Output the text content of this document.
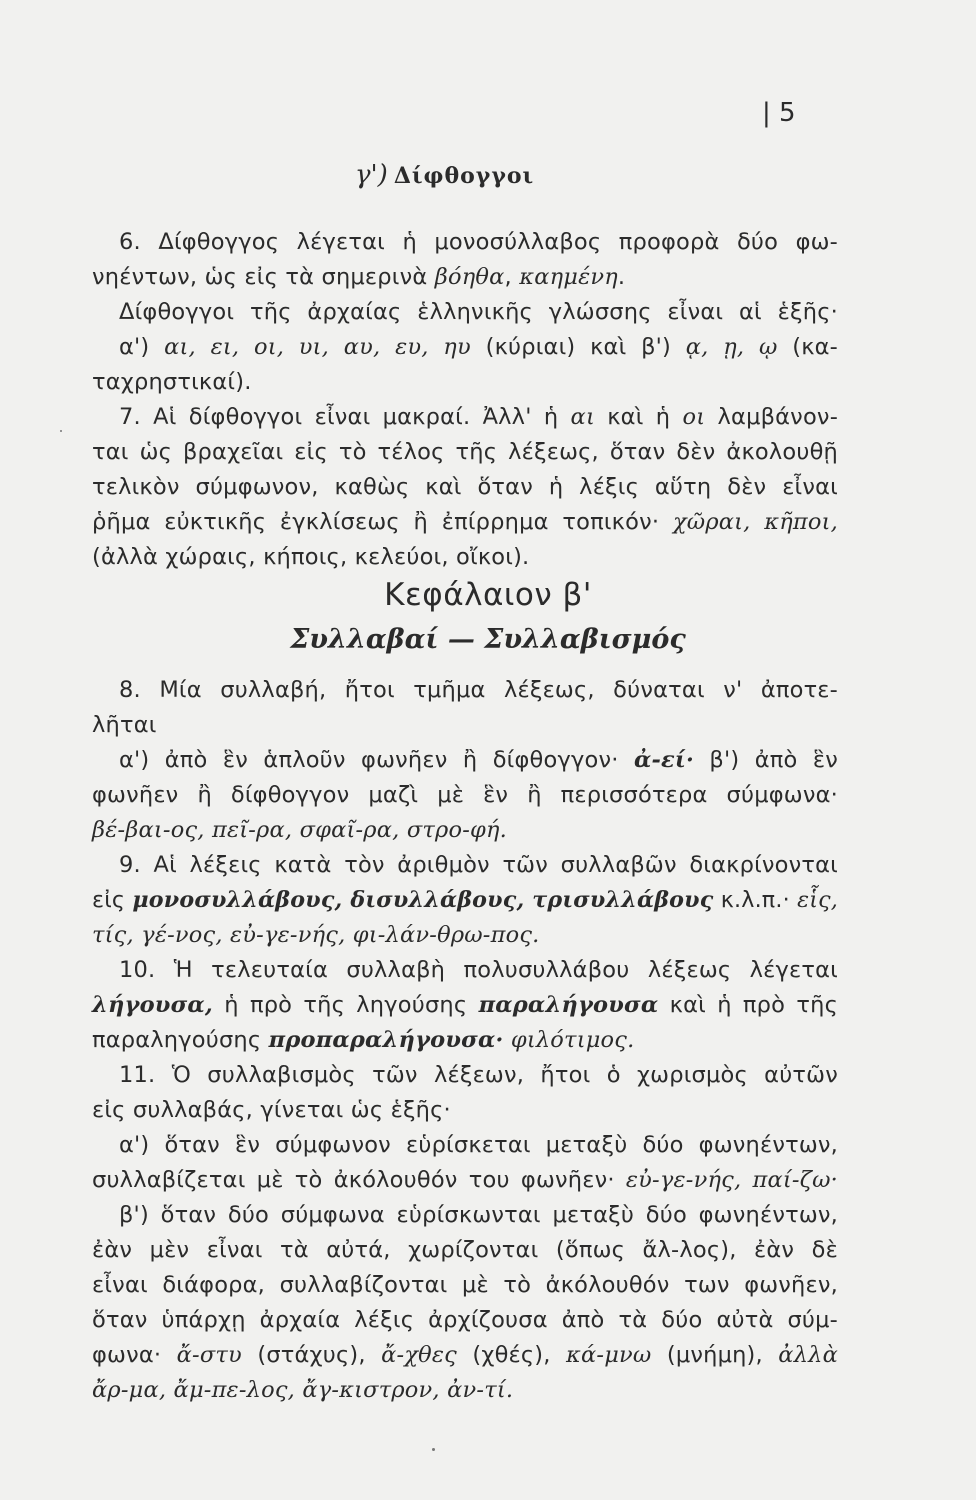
| 5
γ') Δίφθογγοι
Κεφάλαιον β'
Συλλαβαί — Συλλαβισμός
6. Δίφθογγος λέγεται ἡ μονοσύλλαβος προφορὰ δύο φω-
νηέντων, ὡς εἰς τὰ σημερινὰ βόηθα, καημένη.
Δίφθογγοι τῆς ἀρχαίας ἑλληνικῆς γλώσσης εἶναι αἱ ἑξῆς·
α') αι, ει, οι, υι, αυ, ευ, ηυ (κύριαι) καὶ β') ᾳ, ῃ, ῳ (κα-
ταχρηστικαί).
7. Αἱ δίφθογγοι εἶναι μακραί. Ἀλλ' ἡ αι καὶ ἡ οι λαμβάνον-
ται ὡς βραχεῖαι εἰς τὸ τέλος τῆς λέξεως, ὅταν δὲν ἀκολουθῇ
τελικὸν σύμφωνον, καθὼς καὶ ὅταν ἡ λέξις αὕτη δὲν εἶναι
ῥῆμα εὐκτικῆς ἐγκλίσεως ἢ ἐπίρρημα τοπικόν· χῶραι, κῆποι,
(ἀλλὰ χώραις, κήποις, κελεύοι, οἴκοι).
8. Μία συλλαβή, ἤτοι τμῆμα λέξεως, δύναται ν' ἀποτε-
λῆται
α') ἀπὸ ἓν ἁπλοῦν φωνῆεν ἢ δίφθογγον· ἀ-εί· β') ἀπὸ ἓν
φωνῆεν ἢ δίφθογγον μαζὶ μὲ ἓν ἢ περισσότερα σύμφωνα·
βέ-βαι-ος, πεῖ-ρα, σφαῖ-ρα, στρο-φή.
9. Αἱ λέξεις κατὰ τὸν ἀριθμὸν τῶν συλλαβῶν διακρίνονται
εἰς μονοσυλλάβους, δισυλλάβους, τρισυλλάβους κ.λ.π.· εἷς,
τίς, γέ-νος, εὐ-γε-νής, φι-λάν-θρω-πος.
10. Ἡ τελευταία συλλαβὴ πολυσυλλάβου λέξεως λέγεται
λήγουσα, ἡ πρὸ τῆς ληγούσης παραλήγουσα καὶ ἡ πρὸ τῆς
παραληγούσης προπαραλήγουσα· φιλότιμος.
11. Ὁ συλλαβισμὸς τῶν λέξεων, ἤτοι ὁ χωρισμὸς αὐτῶν
εἰς συλλαβάς, γίνεται ὡς ἑξῆς·
α') ὅταν ἓν σύμφωνον εὑρίσκεται μεταξὺ δύο φωνηέντων,
συλλαβίζεται μὲ τὸ ἀκόλουθόν του φωνῆεν· εὐ-γε-νής, παί-ζω·
β') ὅταν δύο σύμφωνα εὑρίσκωνται μεταξὺ δύο φωνηέντων,
ἐὰν μὲν εἶναι τὰ αὐτά, χωρίζονται (ὅπως ἄλ-λος), ἐὰν δὲ
εἶναι διάφορα, συλλαβίζονται μὲ τὸ ἀκόλουθόν των φωνῆεν,
ὅταν ὑπάρχῃ ἀρχαία λέξις ἀρχίζουσα ἀπὸ τὰ δύο αὐτὰ σύμ-
φωνα· ἄ-στυ (στάχυς), ἄ-χθες (χθές), κά-μνω (μνήμη), ἀλλὰ
ἄρ-μα, ἄμ-πε-λος, ἄγ-κιστρον, ἀν-τί.
